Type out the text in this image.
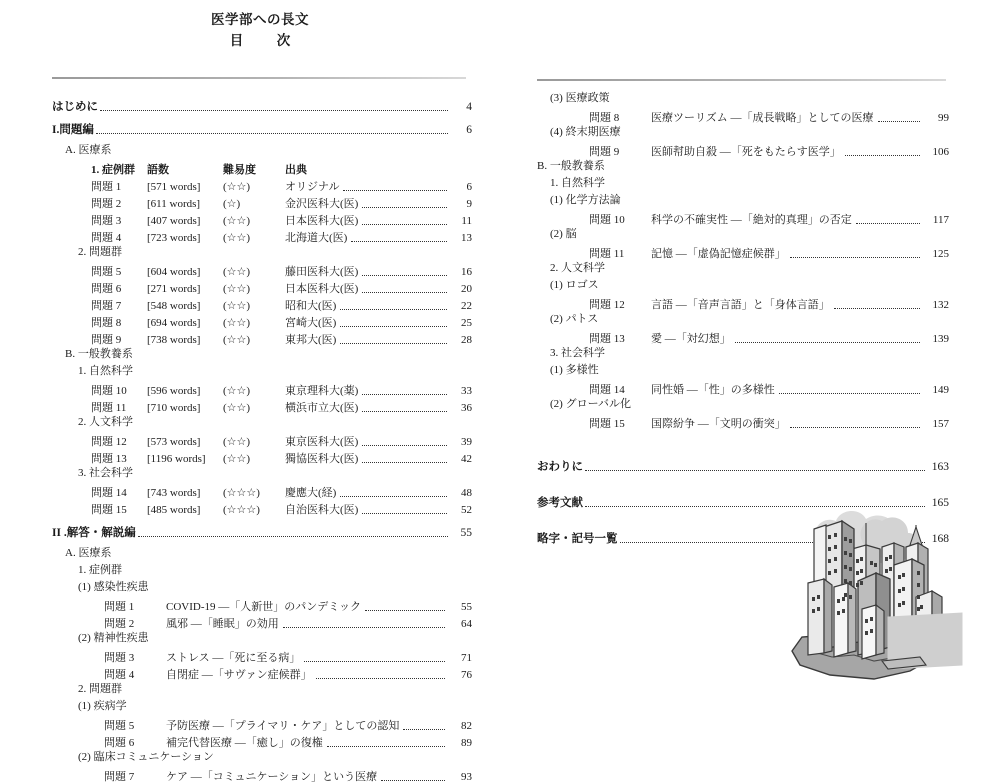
医学部への長文
目　次
はじめに	4
I.問題編	6
A. 医療系
1. 症例群	語数	難易度	出典
問題 1	[571 words]	(☆☆)	オリジナル	6
問題 2	[611 words]	(☆)	金沢医科大(医)	9
問題 3	[407 words]	(☆☆)	日本医科大(医)	11
問題 4	[723 words]	(☆☆)	北海道大(医)	13
2. 問題群
問題 5	[604 words]	(☆☆)	藤田医科大(医)	16
問題 6	[271 words]	(☆☆)	日本医科大(医)	20
問題 7	[548 words]	(☆☆)	昭和大(医)	22
問題 8	[694 words]	(☆☆)	宮崎大(医)	25
問題 9	[738 words]	(☆☆)	東邦大(医)	28
B. 一般教養系
1. 自然科学
問題 10	[596 words]	(☆☆)	東京理科大(薬)	33
問題 11	[710 words]	(☆☆)	横浜市立大(医)	36
2. 人文科学
問題 12	[573 words]	(☆☆)	東京医科大(医)	39
問題 13	[1196 words]	(☆☆)	獨協医科大(医)	42
3. 社会科学
問題 14	[743 words]	(☆☆☆)	慶應大(経)	48
問題 15	[485 words]	(☆☆☆)	自治医科大(医)	52
II .解答・解説編	55
A. 医療系
1. 症例群
(1) 感染性疾患
問題 1	COVID-19 ―「人新世」のパンデミック	55
問題 2	風邪 ―「睡眠」の効用	64
(2) 精神性疾患
問題 3	ストレス ―「死に至る病」	71
問題 4	自閉症 ―「サヴァン症候群」	76
2. 問題群
(1) 疾病学
問題 5	予防医療 ―「プライマリ・ケア」としての認知	82
問題 6	補完代替医療 ―「癒し」の復権	89
(2) 臨床コミュニケーション
問題 7	ケア ―「コミュニケーション」という医療	93
(3) 医療政策
問題 8	医療ツーリズム ―「成長戦略」としての医療	99
(4) 終末期医療
問題 9	医師幇助自殺 ―「死をもたらす医学」	106
B. 一般教養系
1. 自然科学
(1) 化学方法論
問題 10	科学の不確実性 ―「絶対的真理」の否定	117
(2) 脳
問題 11	記憶 ―「虚偽記憶症候群」	125
2. 人文科学
(1) ロゴス
問題 12	言語 ―「音声言語」と「身体言語」	132
(2) パトス
問題 13	愛 ―「対幻想」	139
3. 社会科学
(1) 多様性
問題 14	同性婚 ―「性」の多様性	149
(2) グローバル化
問題 15	国際紛争 ―「文明の衝突」	157
おわりに	163
参考文献	165
略字・記号一覧	168
